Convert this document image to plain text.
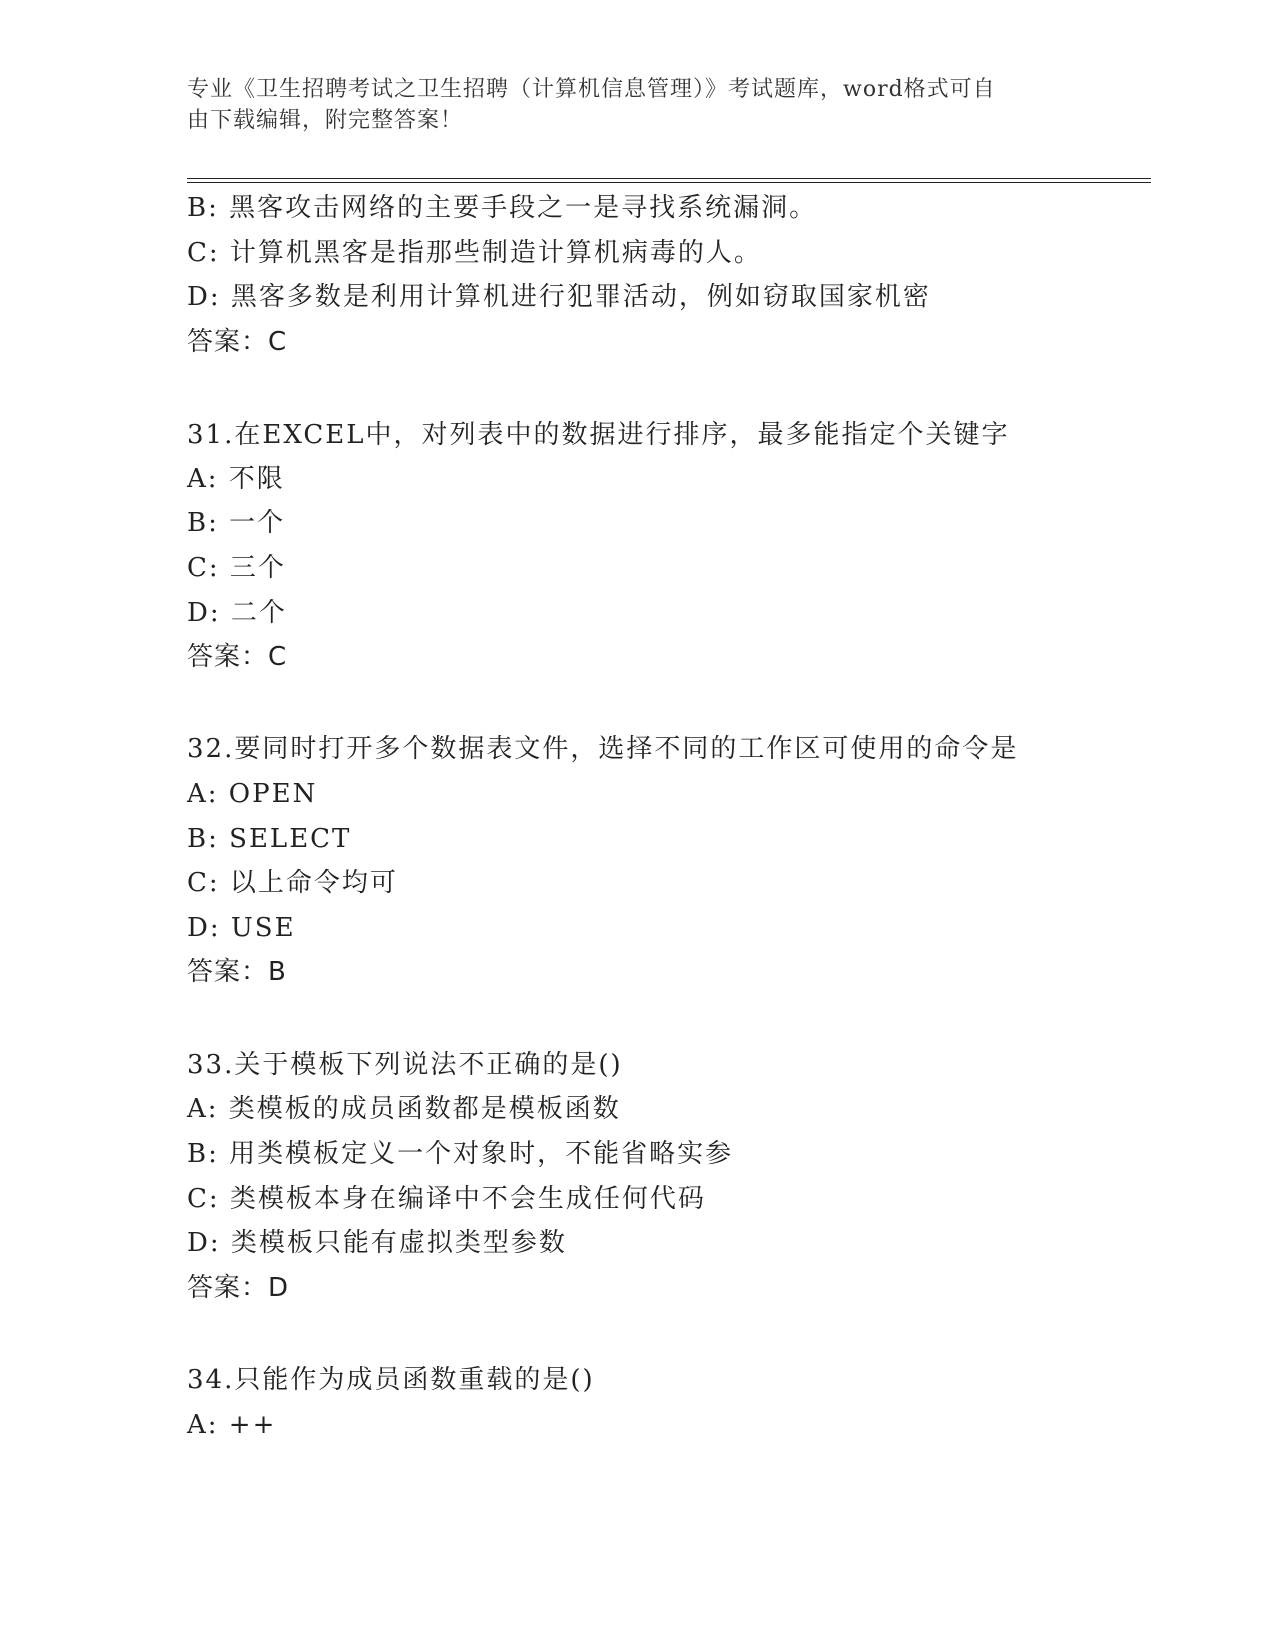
专业《卫生招聘考试之卫生招聘（计算机信息管理）》考试题库，word格式可自
由下载编辑，附完整答案！
B: 黑客攻击网络的主要手段之一是寻找系统漏洞。
C: 计算机黑客是指那些制造计算机病毒的人。
D: 黑客多数是利用计算机进行犯罪活动，例如窃取国家机密
答案：C
31.在EXCEL中，对列表中的数据进行排序，最多能指定个关键字
A: 不限
B: 一个
C: 三个
D: 二个
答案：C
32.要同时打开多个数据表文件，选择不同的工作区可使用的命令是
A: OPEN
B: SELECT
C: 以上命令均可
D: USE
答案：B
33.关于模板下列说法不正确的是()
A: 类模板的成员函数都是模板函数
B: 用类模板定义一个对象时，不能省略实参
C: 类模板本身在编译中不会生成任何代码
D: 类模板只能有虚拟类型参数
答案：D
34.只能作为成员函数重载的是()
A: ++
